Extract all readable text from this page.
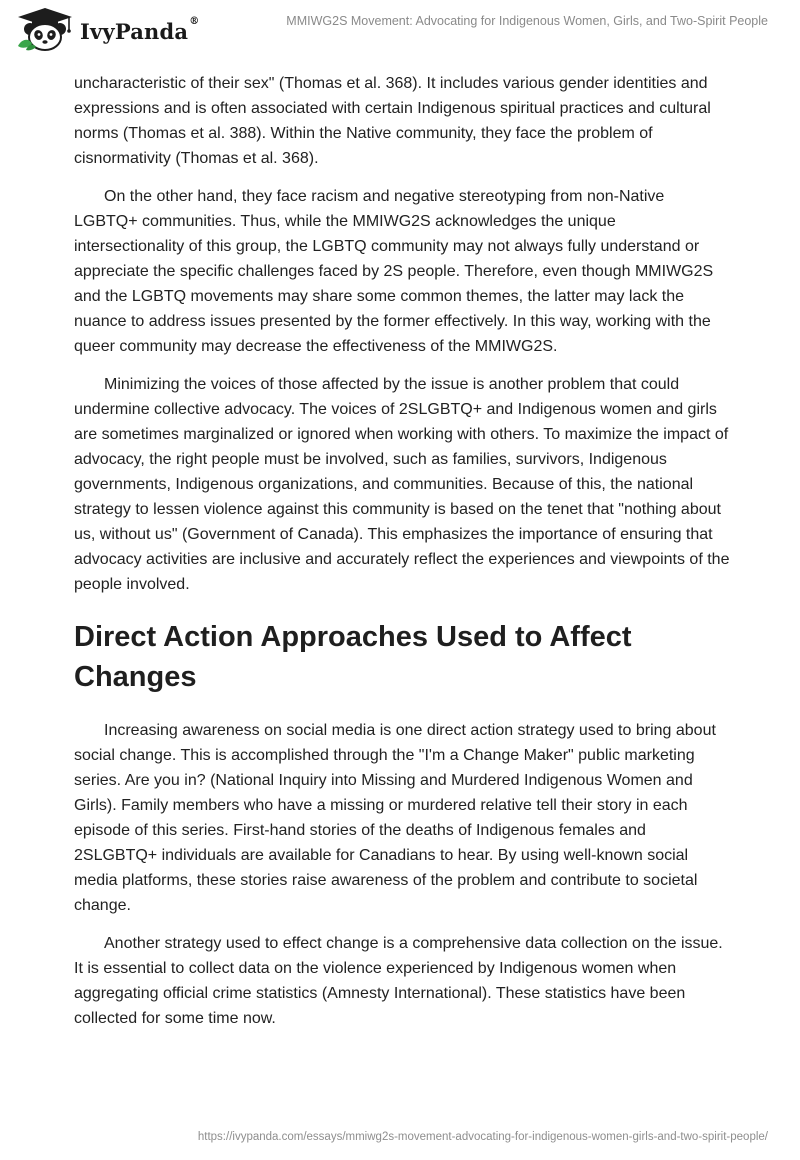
IvyPanda®	MMIWG2S Movement: Advocating for Indigenous Women, Girls, and Two-Spirit People

uncharacteristic of their sex" (Thomas et al. 368). It includes various gender identities and expressions and is often associated with certain Indigenous spiritual practices and cultural norms (Thomas et al. 388). Within the Native community, they face the problem of cisnormativity (Thomas et al. 368).

On the other hand, they face racism and negative stereotyping from non-Native LGBTQ+ communities. Thus, while the MMIWG2S acknowledges the unique intersectionality of this group, the LGBTQ community may not always fully understand or appreciate the specific challenges faced by 2S people. Therefore, even though MMIWG2S and the LGBTQ movements may share some common themes, the latter may lack the nuance to address issues presented by the former effectively. In this way, working with the queer community may decrease the effectiveness of the MMIWG2S.

Minimizing the voices of those affected by the issue is another problem that could undermine collective advocacy. The voices of 2SLGBTQ+ and Indigenous women and girls are sometimes marginalized or ignored when working with others. To maximize the impact of advocacy, the right people must be involved, such as families, survivors, Indigenous governments, Indigenous organizations, and communities. Because of this, the national strategy to lessen violence against this community is based on the tenet that "nothing about us, without us" (Government of Canada). This emphasizes the importance of ensuring that advocacy activities are inclusive and accurately reflect the experiences and viewpoints of the people involved.

Direct Action Approaches Used to Affect Changes

Increasing awareness on social media is one direct action strategy used to bring about social change. This is accomplished through the "I'm a Change Maker" public marketing series. Are you in? (National Inquiry into Missing and Murdered Indigenous Women and Girls). Family members who have a missing or murdered relative tell their story in each episode of this series. First-hand stories of the deaths of Indigenous females and 2SLGBTQ+ individuals are available for Canadians to hear. By using well-known social media platforms, these stories raise awareness of the problem and contribute to societal change.

Another strategy used to effect change is a comprehensive data collection on the issue. It is essential to collect data on the violence experienced by Indigenous women when aggregating official crime statistics (Amnesty International). These statistics have been collected for some time now.

https://ivypanda.com/essays/mmiwg2s-movement-advocating-for-indigenous-women-girls-and-two-spirit-people/
